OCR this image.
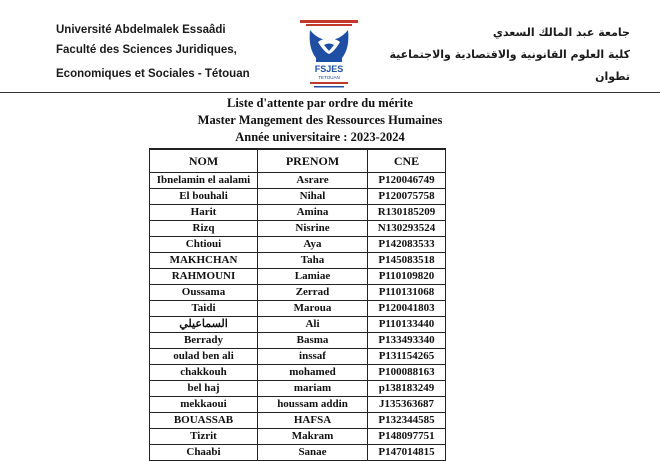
Université Abdelmalek Essaâdi
Faculté des Sciences Juridiques,
Economiques et Sociales - Tétouan	FSJES
TETOUAN
جامعة عبد المالك السعدي
كلية العلوم القانونية والاقتصادية والاجتماعية
تطوان
Liste d'attente par ordre du mérite
Master Mangement des Ressources Humaines
Année universitaire : 2023-2024
NOM	PRENOM	CNE
Ibnelamin el aalami	Asrare	P120046749
El bouhali	Nihal	P120075758
Harit	Amina	R130185209
Rizq	Nisrine	N130293524
Chtioui	Aya	P142083533
MAKHCHAN	Taha	P145083518
RAHMOUNI	Lamiae	P110109820
Oussama	Zerrad	P110131068
Taidi	Maroua	P120041803
السماعيلي	Ali	P110133440
Berrady	Basma	P133493340
oulad ben ali	inssaf	P131154265
chakkouh	mohamed	P100088163
bel haj	mariam	p138183249
mekkaoui	houssam addin	J135363687
BOUASSAB	HAFSA	P132344585
Tizrit	Makram	P148097751
Chaabi	Sanae	P147014815
